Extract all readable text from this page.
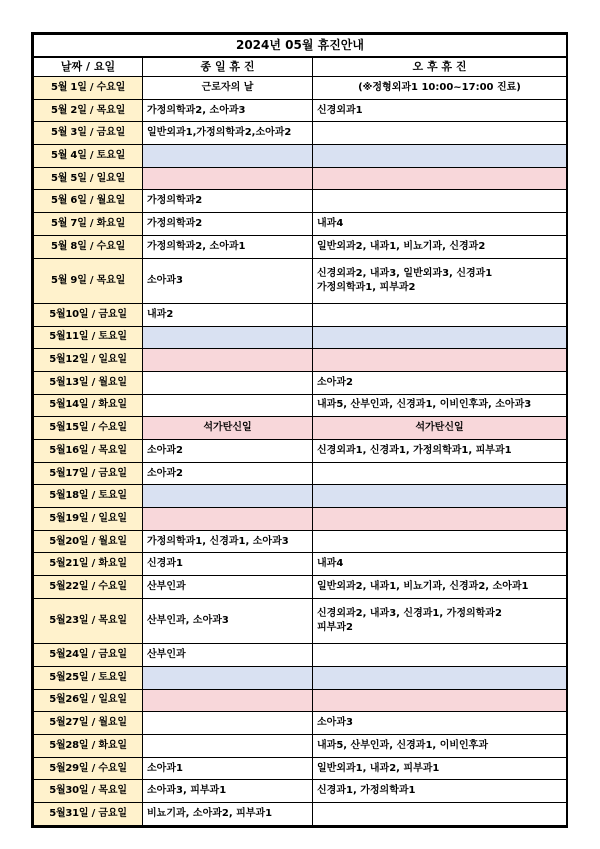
2024년 05월 휴진안내		
날짜 / 요일	종 일 휴 진	오 후 휴 진
5월 1일 / 수요일	근로자의 날	(※정형외과1 10:00~17:00 진료)

5월 2일 / 목요일	가정의학과2, 소아과3	신경외과1

5월 3일 / 금요일	일반외과1,가정의학과2,소아과2	
5월 4일 / 토요일		
5월 5일 / 일요일		
5월 6일 / 월요일	가정의학과2	
5월 7일 / 화요일	가정의학과2	내과4

5월 8일 / 수요일	가정의학과2, 소아과1	일반외과2, 내과1, 비뇨기과, 신경과2

5월 9일 / 목요일	소아과3	신경외과2, 내과3, 일반외과3, 신경과1
가정의학과1, 피부과2

5월10일 / 금요일	내과2	
5월11일 / 토요일		
5월12일 / 일요일		
5월13일 / 월요일		소아과2

5월14일 / 화요일		내과5, 산부인과, 신경과1, 이비인후과, 소아과3

5월15일 / 수요일	석가탄신일	석가탄신일

5월16일 / 목요일	소아과2	신경외과1, 신경과1, 가정의학과1, 피부과1

5월17일 / 금요일	소아과2	
5월18일 / 토요일		
5월19일 / 일요일		
5월20일 / 월요일	가정의학과1, 신경과1, 소아과3	
5월21일 / 화요일	신경과1	내과4

5월22일 / 수요일	산부인과	일반외과2, 내과1, 비뇨기과, 신경과2, 소아과1

5월23일 / 목요일	산부인과, 소아과3	신경외과2, 내과3, 신경과1, 가정의학과2
피부과2

5월24일 / 금요일	산부인과	
5월25일 / 토요일		
5월26일 / 일요일		
5월27일 / 월요일		소아과3

5월28일 / 화요일		내과5, 산부인과, 신경과1, 이비인후과

5월29일 / 수요일	소아과1	일반외과1, 내과2, 피부과1

5월30일 / 목요일	소아과3, 피부과1	신경과1, 가정의학과1

5월31일 / 금요일	비뇨기과, 소아과2, 피부과1	
